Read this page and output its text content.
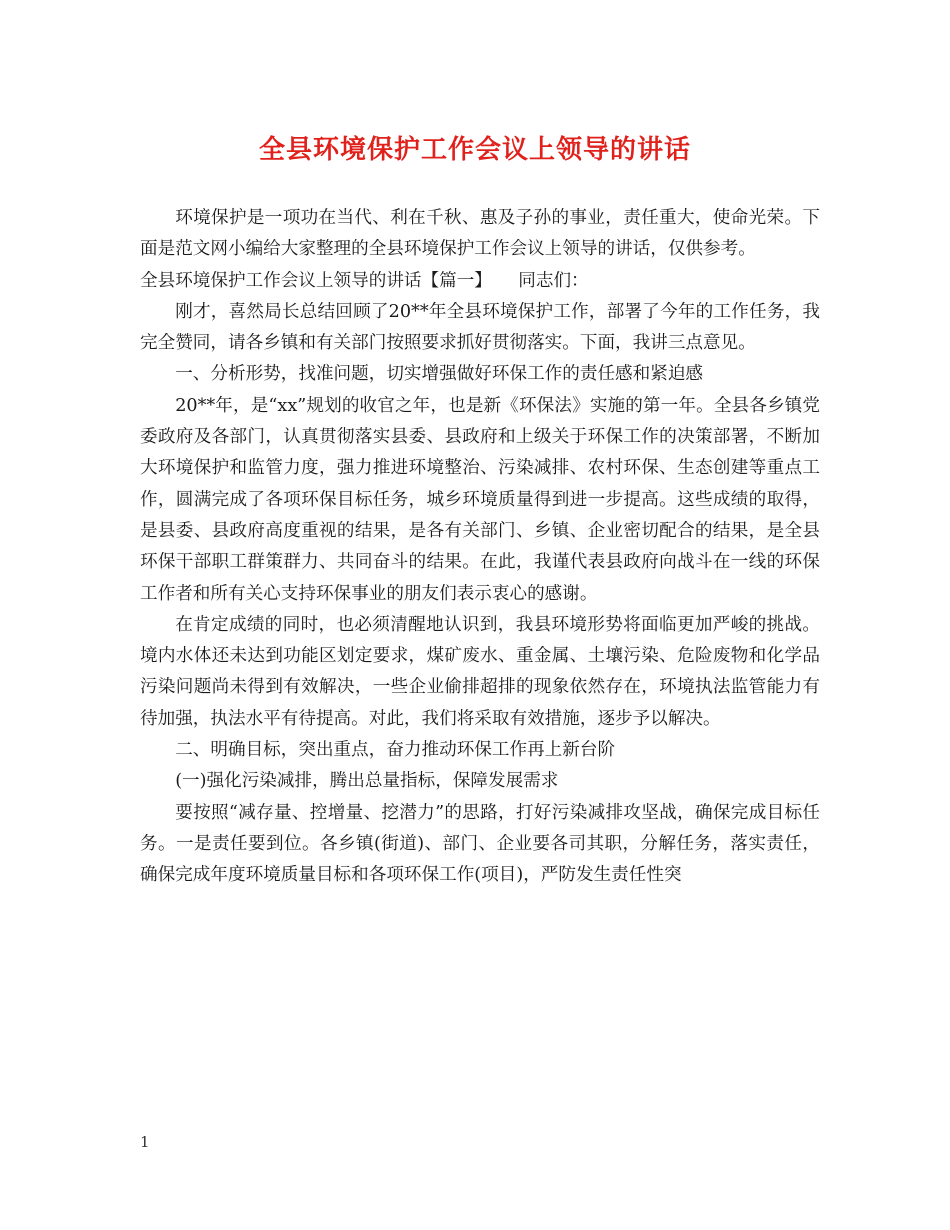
全县环境保护工作会议上领导的讲话

环境保护是一项功在当代、利在千秋、惠及子孙的事业，责任重大，使命光荣。下面是范文网小编给大家整理的全县环境保护工作会议上领导的讲话，仅供参考。

全县环境保护工作会议上领导的讲话【篇一】　　同志们：

刚才，喜然局长总结回顾了20**年全县环境保护工作，部署了今年的工作任务，我完全赞同，请各乡镇和有关部门按照要求抓好贯彻落实。下面，我讲三点意见。

一、分析形势，找准问题，切实增强做好环保工作的责任感和紧迫感

20**年，是“xx”规划的收官之年，也是新《环保法》实施的第一年。全县各乡镇党委政府及各部门，认真贯彻落实县委、县政府和上级关于环保工作的决策部署，不断加大环境保护和监管力度，强力推进环境整治、污染减排、农村环保、生态创建等重点工作，圆满完成了各项环保目标任务，城乡环境质量得到进一步提高。这些成绩的取得，是县委、县政府高度重视的结果，是各有关部门、乡镇、企业密切配合的结果，是全县环保干部职工群策群力、共同奋斗的结果。在此，我谨代表县政府向战斗在一线的环保工作者和所有关心支持环保事业的朋友们表示衷心的感谢。

在肯定成绩的同时，也必须清醒地认识到，我县环境形势将面临更加严峻的挑战。境内水体还未达到功能区划定要求，煤矿废水、重金属、土壤污染、危险废物和化学品污染问题尚未得到有效解决，一些企业偷排超排的现象依然存在，环境执法监管能力有待加强，执法水平有待提高。对此，我们将采取有效措施，逐步予以解决。

二、明确目标，突出重点，奋力推动环保工作再上新台阶

(一)强化污染减排，腾出总量指标，保障发展需求

要按照“减存量、控增量、挖潜力”的思路，打好污染减排攻坚战，确保完成目标任务。一是责任要到位。各乡镇(街道)、部门、企业要各司其职，分解任务，落实责任，确保完成年度环境质量目标和各项环保工作(项目)，严防发生责任性突

1
